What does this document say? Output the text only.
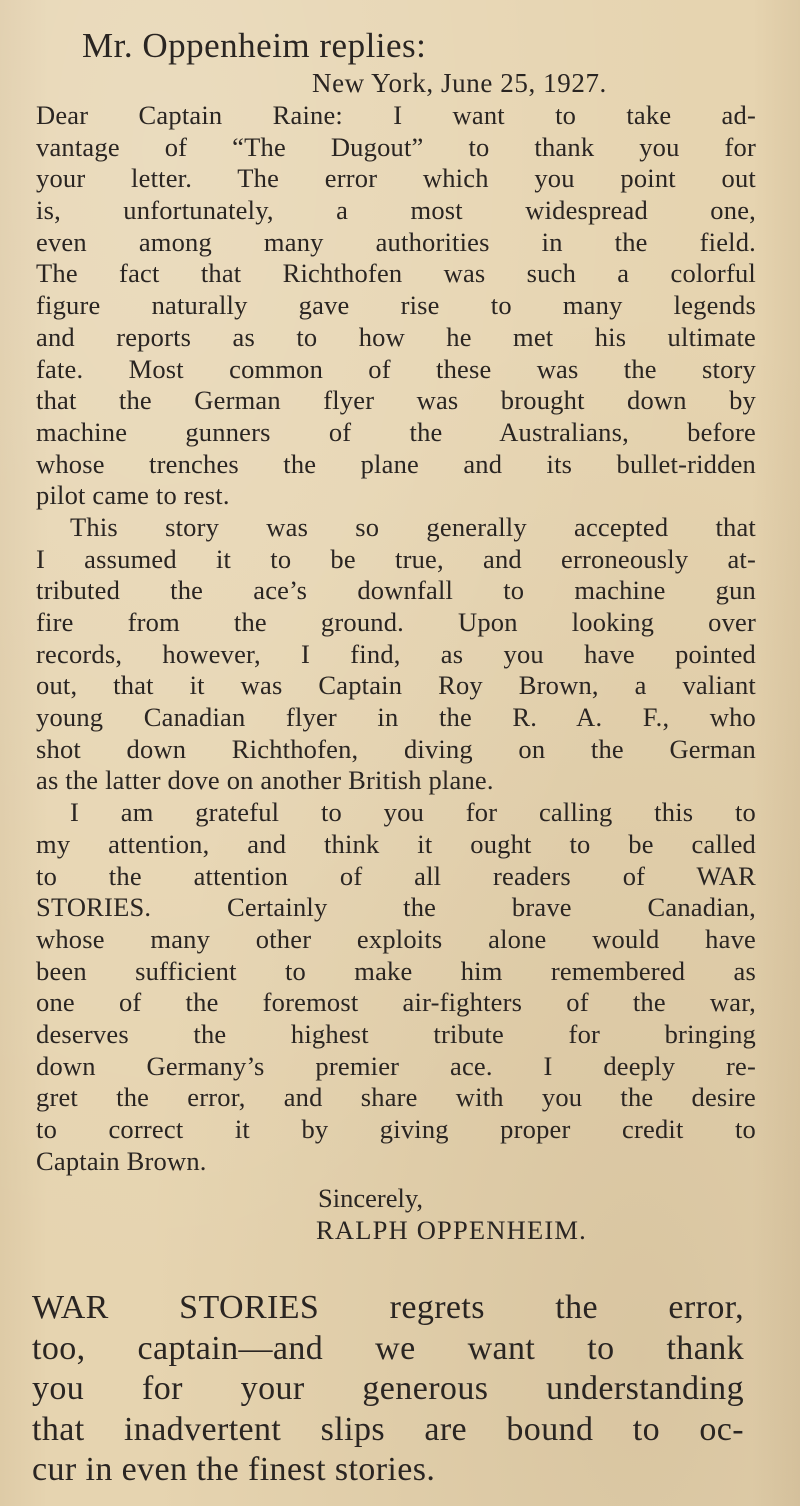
Mr. Oppenheim replies:
New York, June 25, 1927.
Dear Captain Raine: I want to take ad-
vantage of “The Dugout” to thank you for
your letter. The error which you point out
is, unfortunately, a most widespread one,
even among many authorities in the field.
The fact that Richthofen was such a colorful
figure naturally gave rise to many legends
and reports as to how he met his ultimate
fate. Most common of these was the story
that the German flyer was brought down by
machine gunners of the Australians, before
whose trenches the plane and its bullet-ridden
pilot came to rest.
This story was so generally accepted that
I assumed it to be true, and erroneously at-
tributed the ace’s downfall to machine gun
fire from the ground. Upon looking over
records, however, I find, as you have pointed
out, that it was Captain Roy Brown, a valiant
young Canadian flyer in the R. A. F., who
shot down Richthofen, diving on the German
as the latter dove on another British plane.
I am grateful to you for calling this to
my attention, and think it ought to be called
to the attention of all readers of WAR
STORIES. Certainly the brave Canadian,
whose many other exploits alone would have
been sufficient to make him remembered as
one of the foremost air-fighters of the war,
deserves the highest tribute for bringing
down Germany’s premier ace. I deeply re-
gret the error, and share with you the desire
to correct it by giving proper credit to
Captain Brown.
Sincerely,
RALPH OPPENHEIM.
WAR STORIES regrets the error,
too, captain—and we want to thank
you for your generous understanding
that inadvertent slips are bound to oc-
cur in even the finest stories.
